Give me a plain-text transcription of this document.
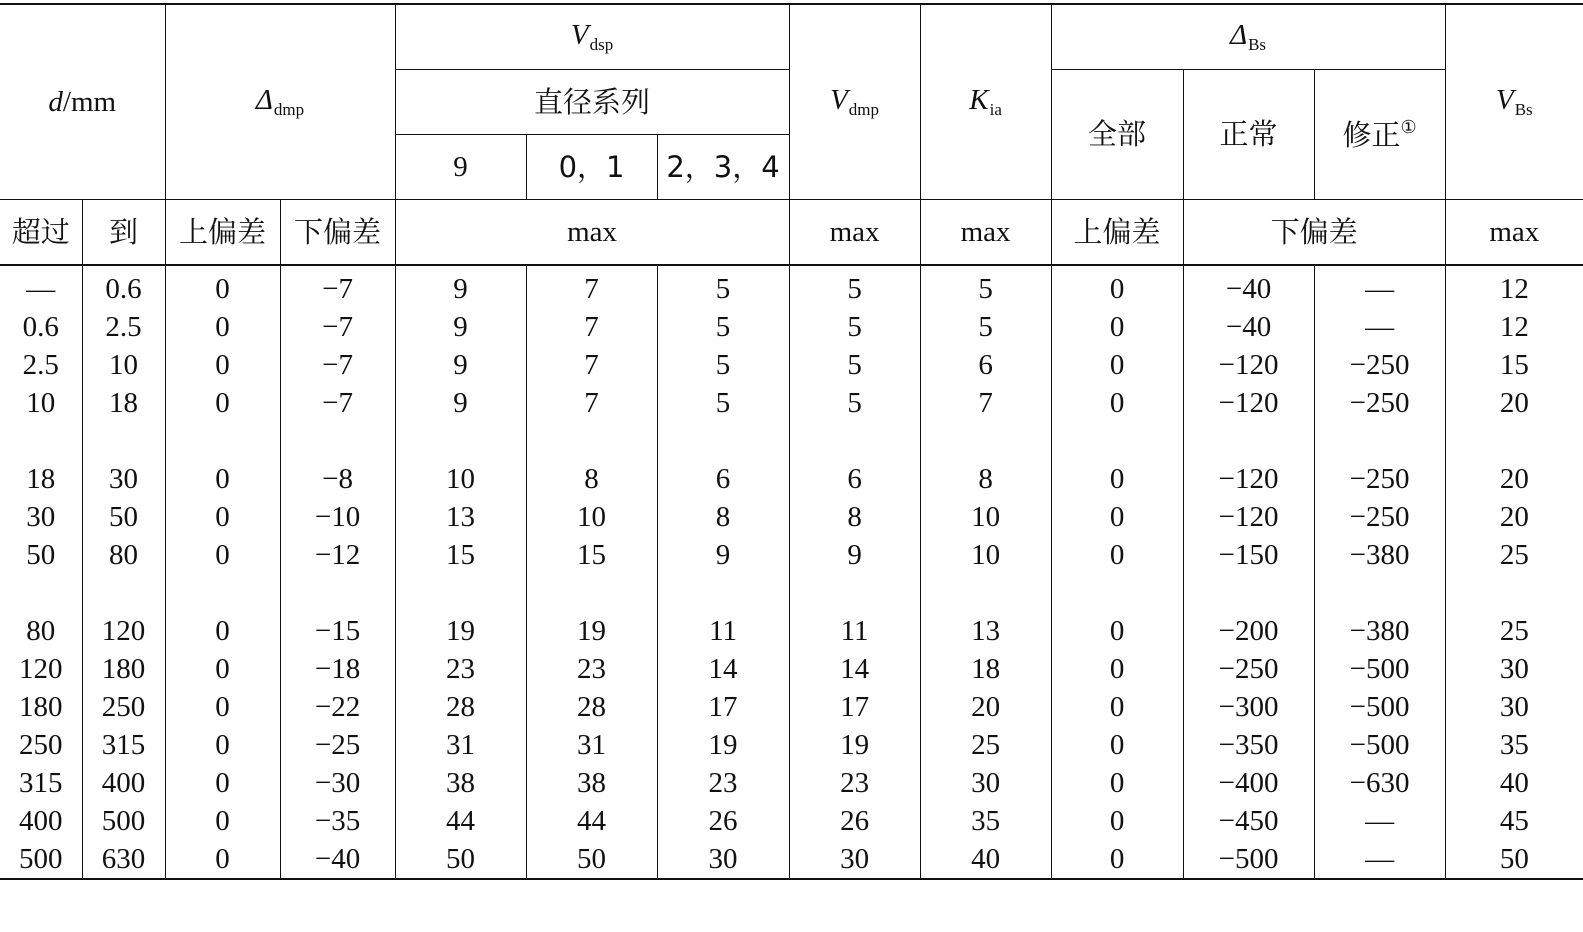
d/mm		$\Delta_{dmp}$		$V_{dsp}$			$V_{dmp}$	$K_{ia}$	$\Delta_{Bs}$			$V_{Bs}$
				直径系列					全部	正常	修正①
				9	0，1	2，3，4						
超过	到	上偏差	下偏差	max			max	max	上偏差	下偏差		max
—	0.6	0	−7	9	7	5	5	5	0	−40	—	12
0.6	2.5	0	−7	9	7	5	5	5	0	−40	—	12
2.5	10	0	−7	9	7	5	5	6	0	−120	−250	15
10	18	0	−7	9	7	5	5	7	0	−120	−250	20

18	30	0	−8	10	8	6	6	8	0	−120	−250	20
30	50	0	−10	13	10	8	8	10	0	−120	−250	20
50	80	0	−12	15	15	9	9	10	0	−150	−380	25

80	120	0	−15	19	19	11	11	13	0	−200	−380	25
120	180	0	−18	23	23	14	14	18	0	−250	−500	30
180	250	0	−22	28	28	17	17	20	0	−300	−500	30
250	315	0	−25	31	31	19	19	25	0	−350	−500	35
315	400	0	−30	38	38	23	23	30	0	−400	−630	40
400	500	0	−35	44	44	26	26	35	0	−450	—	45
500	630	0	−40	50	50	30	30	40	0	−500	—	50
